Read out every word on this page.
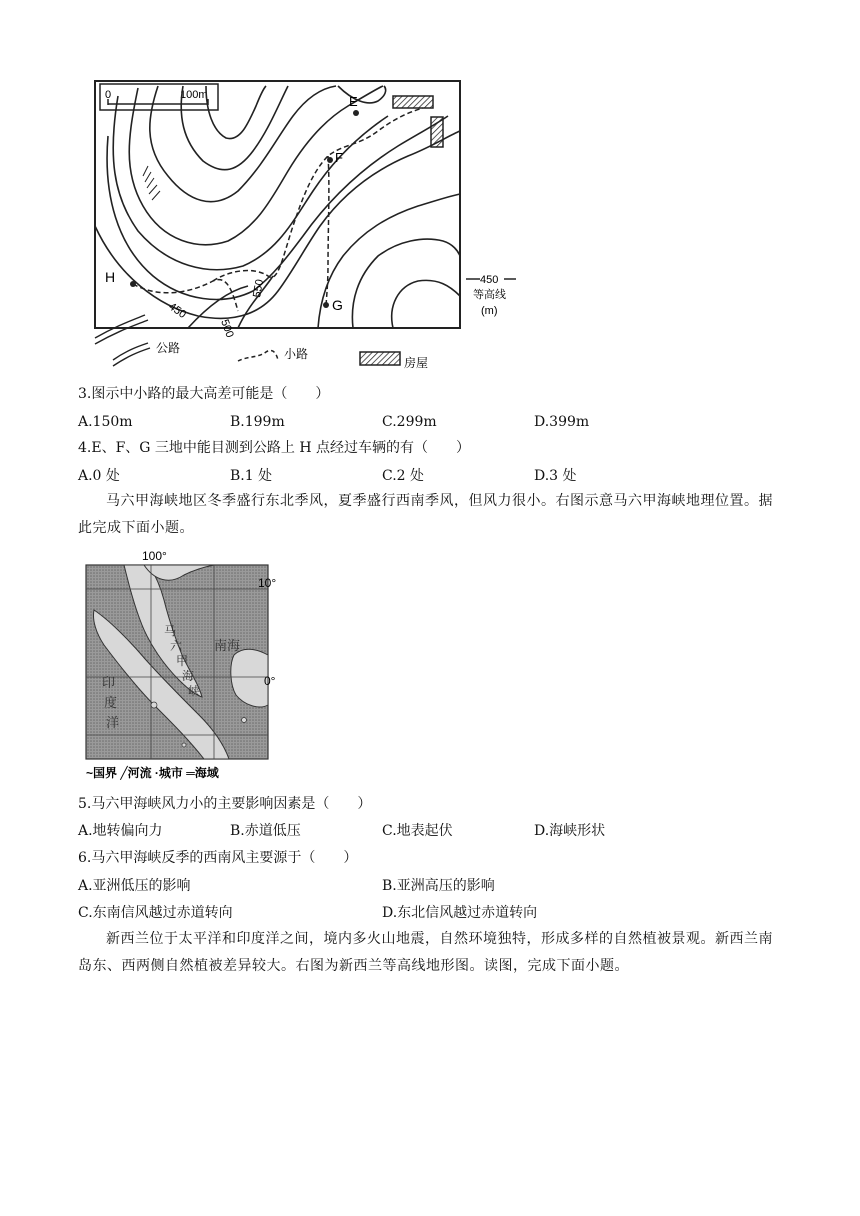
0	100m	E
F
G
H
450
500
550	450
等高线
(m)
公路	小路
房屋
3.图示中小路的最大高差可能是（　　）
A.150m	B.199m	C.299m	D.399m
4.E、F、G 三地中能目测到公路上 H 点经过车辆的有（　　）
A.0 处	B.1 处	C.2 处	D.3 处
马六甲海峡地区冬季盛行东北季风，夏季盛行西南季风，但风力很小。右图示意马六甲海峡地理位置。据此完成下面小题。
100°
10°
0°
南海
马
六
甲
海
峡
印
度
洋
~国界 ╱河流 ·城市 ═海域
5.马六甲海峡风力小的主要影响因素是（　　）
A.地转偏向力	B.赤道低压	C.地表起伏	D.海峡形状
6.马六甲海峡反季的西南风主要源于（　　）
A.亚洲低压的影响	B.亚洲高压的影响
C.东南信风越过赤道转向	D.东北信风越过赤道转向
新西兰位于太平洋和印度洋之间，境内多火山地震，自然环境独特，形成多样的自然植被景观。新西兰南岛东、西两侧自然植被差异较大。右图为新西兰等高线地形图。读图，完成下面小题。
